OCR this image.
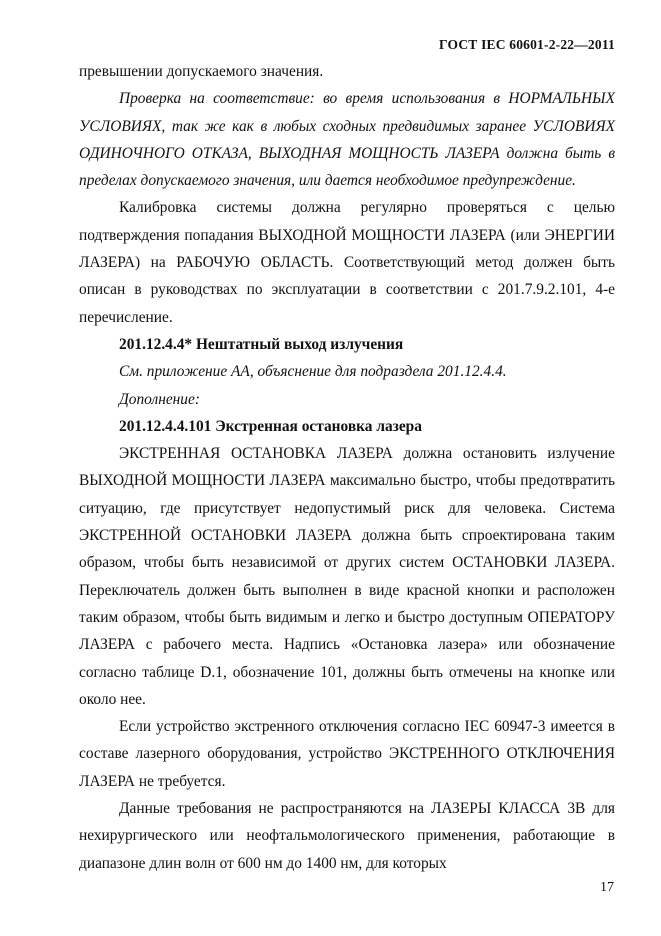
ГОСТ IEC 60601-2-22—2011

превышении допускаемого значения.

Проверка на соответствие: во время использования в НОРМАЛЬНЫХ УСЛОВИЯХ, так же как в любых сходных предвидимых заранее УСЛОВИЯХ ОДИНОЧНОГО ОТКАЗА, ВЫХОДНАЯ МОЩНОСТЬ ЛАЗЕРА должна быть в пределах допускаемого значения, или дается необходимое предупреждение.

Калибровка системы должна регулярно проверяться с целью подтверждения попадания ВЫХОДНОЙ МОЩНОСТИ ЛАЗЕРА (или ЭНЕРГИИ ЛАЗЕРА) на РАБОЧУЮ ОБЛАСТЬ. Соответствующий метод должен быть описан в руководствах по эксплуатации в соответствии с 201.7.9.2.101, 4-е перечисление.

201.12.4.4* Нештатный выход излучения

См. приложение АА, объяснение для подраздела 201.12.4.4.

Дополнение:

201.12.4.4.101 Экстренная остановка лазера

ЭКСТРЕННАЯ ОСТАНОВКА ЛАЗЕРА должна остановить излучение ВЫХОДНОЙ МОЩНОСТИ ЛАЗЕРА максимально быстро, чтобы предотвратить ситуацию, где присутствует недопустимый риск для человека. Система ЭКСТРЕННОЙ ОСТАНОВКИ ЛАЗЕРА должна быть спроектирована таким образом, чтобы быть независимой от других систем ОСТАНОВКИ ЛАЗЕРА. Переключатель должен быть выполнен в виде красной кнопки и расположен таким образом, чтобы быть видимым и легко и быстро доступным ОПЕРАТОРУ ЛАЗЕРА с рабочего места. Надпись «Остановка лазера» или обозначение согласно таблице D.1, обозначение 101, должны быть отмечены на кнопке или около нее.

Если устройство экстренного отключения согласно IEC 60947-3 имеется в составе лазерного оборудования, устройство ЭКСТРЕННОГО ОТКЛЮЧЕНИЯ ЛАЗЕРА не требуется.

Данные требования не распространяются на ЛАЗЕРЫ КЛАССА 3В для нехирургического или неофтальмологического применения, работающие в диапазоне длин волн от 600 нм до 1400 нм, для которых

17
